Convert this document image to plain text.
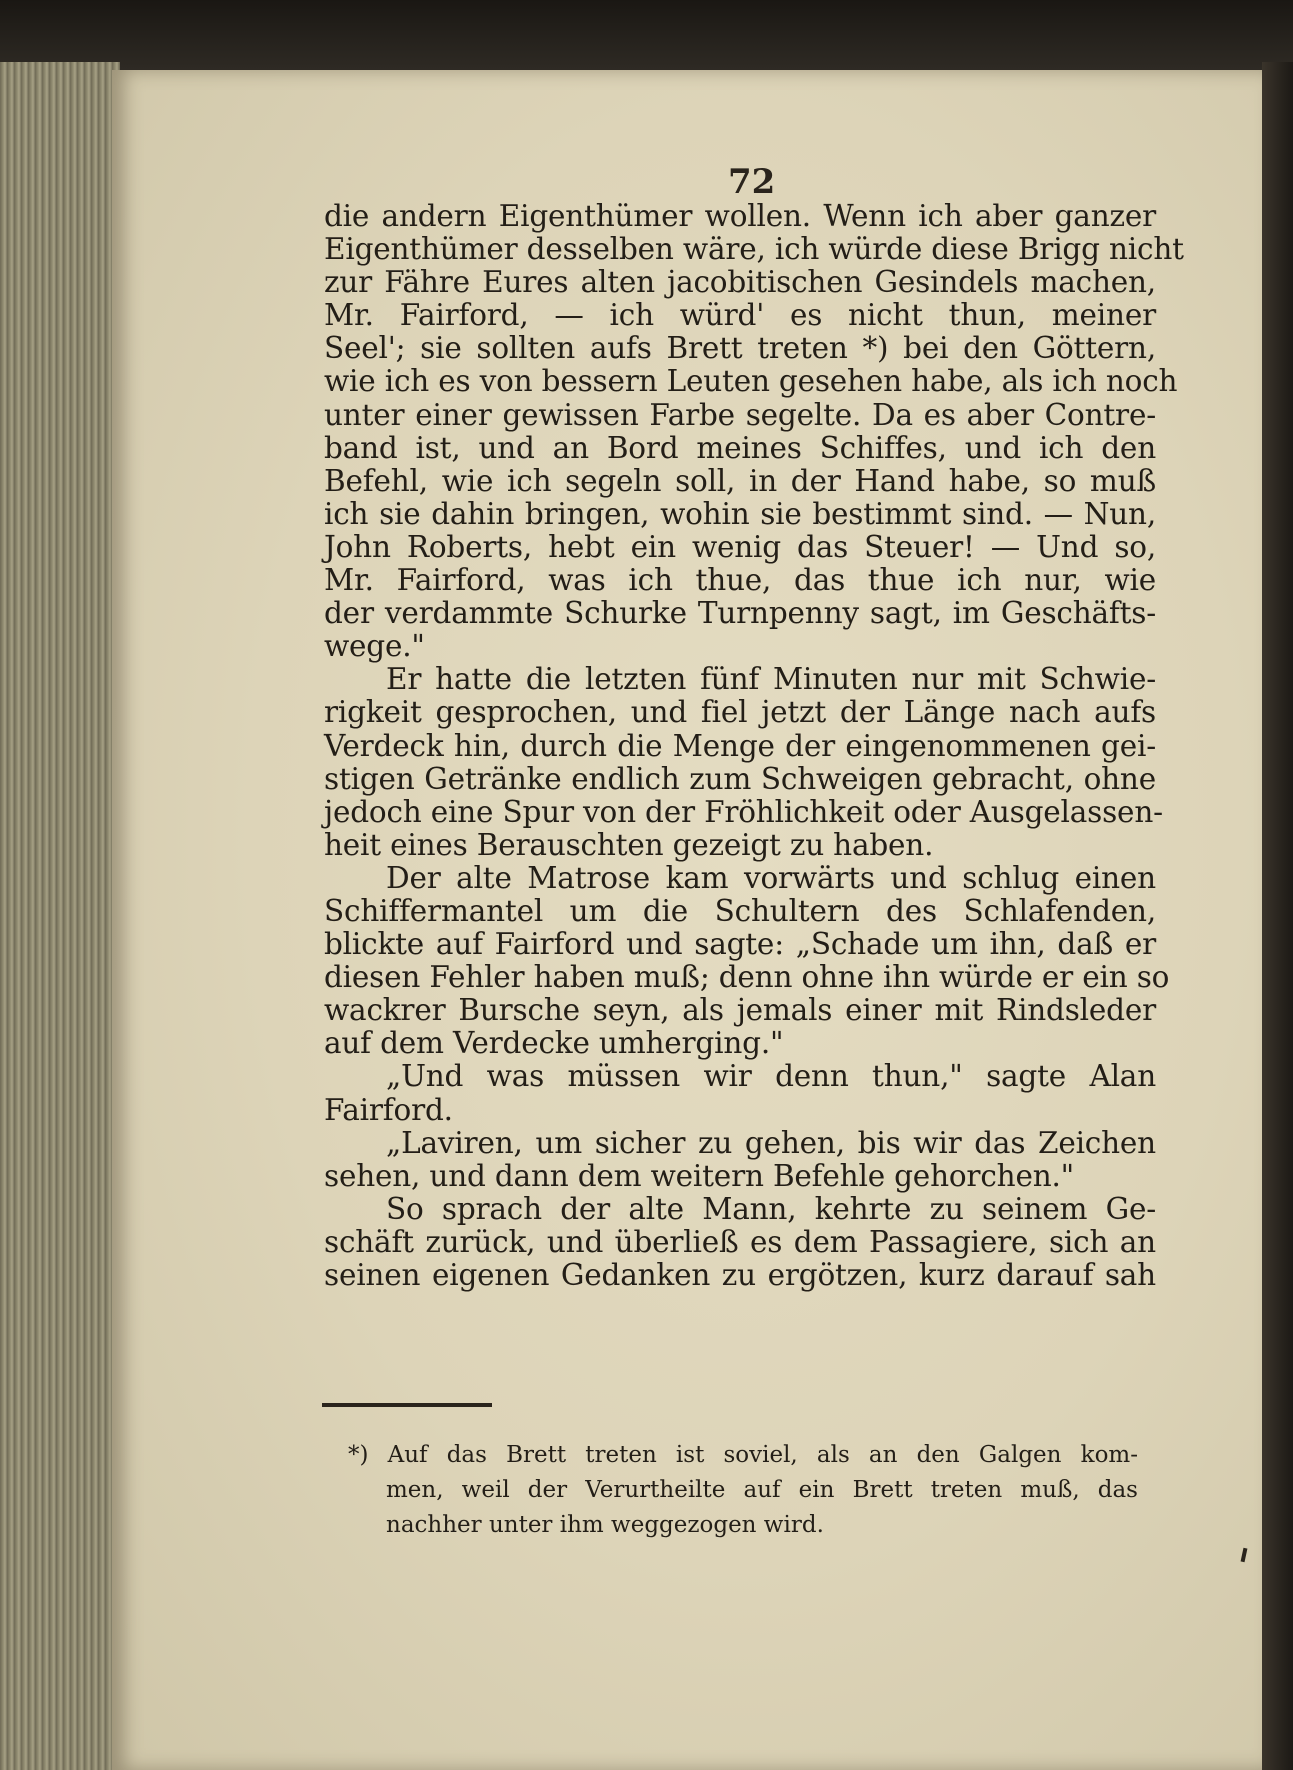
72
die andern Eigenthümer wollen. Wenn ich aber ganzer
Eigenthümer desselben wäre, ich würde diese Brigg nicht
zur Fähre Eures alten jacobitischen Gesindels machen,
Mr. Fairford, — ich würd' es nicht thun, meiner
Seel'; sie sollten aufs Brett treten *) bei den Göttern,
wie ich es von bessern Leuten gesehen habe, als ich noch
unter einer gewissen Farbe segelte. Da es aber Contre-
band ist, und an Bord meines Schiffes, und ich den
Befehl, wie ich segeln soll, in der Hand habe, so muß
ich sie dahin bringen, wohin sie bestimmt sind. — Nun,
John Roberts, hebt ein wenig das Steuer! — Und so,
Mr. Fairford, was ich thue, das thue ich nur, wie
der verdammte Schurke Turnpenny sagt, im Geschäfts-
wege."
Er hatte die letzten fünf Minuten nur mit Schwie-
rigkeit gesprochen, und fiel jetzt der Länge nach aufs
Verdeck hin, durch die Menge der eingenommenen gei-
stigen Getränke endlich zum Schweigen gebracht, ohne
jedoch eine Spur von der Fröhlichkeit oder Ausgelassen-
heit eines Berauschten gezeigt zu haben.
Der alte Matrose kam vorwärts und schlug einen
Schiffermantel um die Schultern des Schlafenden,
blickte auf Fairford und sagte: „Schade um ihn, daß er
diesen Fehler haben muß; denn ohne ihn würde er ein so
wackrer Bursche seyn, als jemals einer mit Rindsleder
auf dem Verdecke umherging."
„Und was müssen wir denn thun," sagte Alan
Fairford.
„Laviren, um sicher zu gehen, bis wir das Zeichen
sehen, und dann dem weitern Befehle gehorchen."
So sprach der alte Mann, kehrte zu seinem Ge-
schäft zurück, und überließ es dem Passagiere, sich an
seinen eigenen Gedanken zu ergötzen, kurz darauf sah
*) Auf das Brett treten ist soviel, als an den Galgen kom-
men, weil der Verurtheilte auf ein Brett treten muß, das
nachher unter ihm weggezogen wird.
